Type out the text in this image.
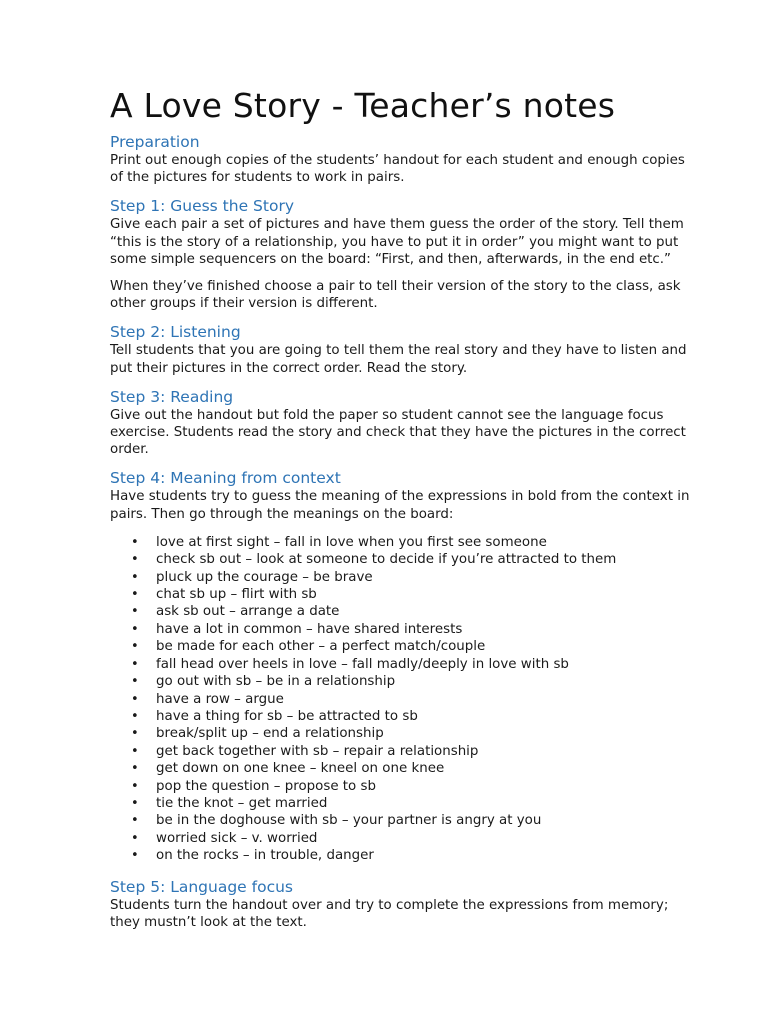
A Love Story - Teacher’s notes
Preparation

Print out enough copies of the students’ handout for each student and enough copies of the pictures for students to work in pairs.

Step 1: Guess the Story

Give each pair a set of pictures and have them guess the order of the story. Tell them “this is the story of a relationship, you have to put it in order” you might want to put some simple sequencers on the board: “First, and then, afterwards, in the end etc.”

When they’ve finished choose a pair to tell their version of the story to the class, ask other groups if their version is different.

Step 2: Listening

Tell students that you are going to tell them the real story and they have to listen and put their pictures in the correct order. Read the story.

Step 3: Reading

Give out the handout but fold the paper so student cannot see the language focus exercise. Students read the story and check that they have the pictures in the correct order.

Step 4: Meaning from context

Have students try to guess the meaning of the expressions in bold from the context in pairs. Then go through the meanings on the board:

• love at first sight – fall in love when you first see someone
• check sb out – look at someone to decide if you’re attracted to them
• pluck up the courage – be brave
• chat sb up – flirt with sb
• ask sb out – arrange a date
• have a lot in common – have shared interests
• be made for each other – a perfect match/couple
• fall head over heels in love – fall madly/deeply in love with sb
• go out with sb – be in a relationship
• have a row – argue
• have a thing for sb – be attracted to sb
• break/split up – end a relationship
• get back together with sb – repair a relationship
• get down on one knee – kneel on one knee
• pop the question – propose to sb
• tie the knot – get married
• be in the doghouse with sb – your partner is angry at you
• worried sick – v. worried
• on the rocks – in trouble, danger
Step 5: Language focus

Students turn the handout over and try to complete the expressions from memory; they mustn’t look at the text.
